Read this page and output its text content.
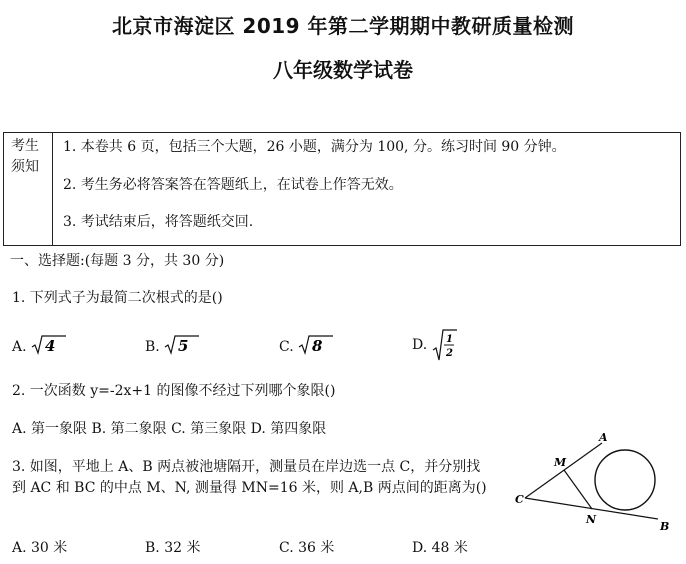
北京市海淀区 2019 年第二学期期中教研质量检测
八年级数学试卷
考生
须知
1. 本卷共 6 页，包括三个大题，26 小题，满分为 100, 分。练习时间 90 分钟。
2. 考生务必将答案答在答题纸上，在试卷上作答无效。
3. 考试结束后，将答题纸交回.
一、选择题:(每题 3 分，共 30 分)
1. 下列式子为最简二次根式的是()
A. 4	B. 5	C. 8	D. 1
2
2. 一次函数 y=-2x+1 的图像不经过下列哪个象限()
A. 第一象限 B. 第二象限 C. 第三象限 D. 第四象限
3. 如图，平地上 A、B 两点被池塘隔开，测量员在岸边选一点 C，并分别找到 AC 和 BC 的中点 M、N, 测量得 MN=16 米，则 A,B 两点间的距离为()
A. 30 米	B. 32 米	C. 36 米	D. 48 米
A
B
C
M
N
